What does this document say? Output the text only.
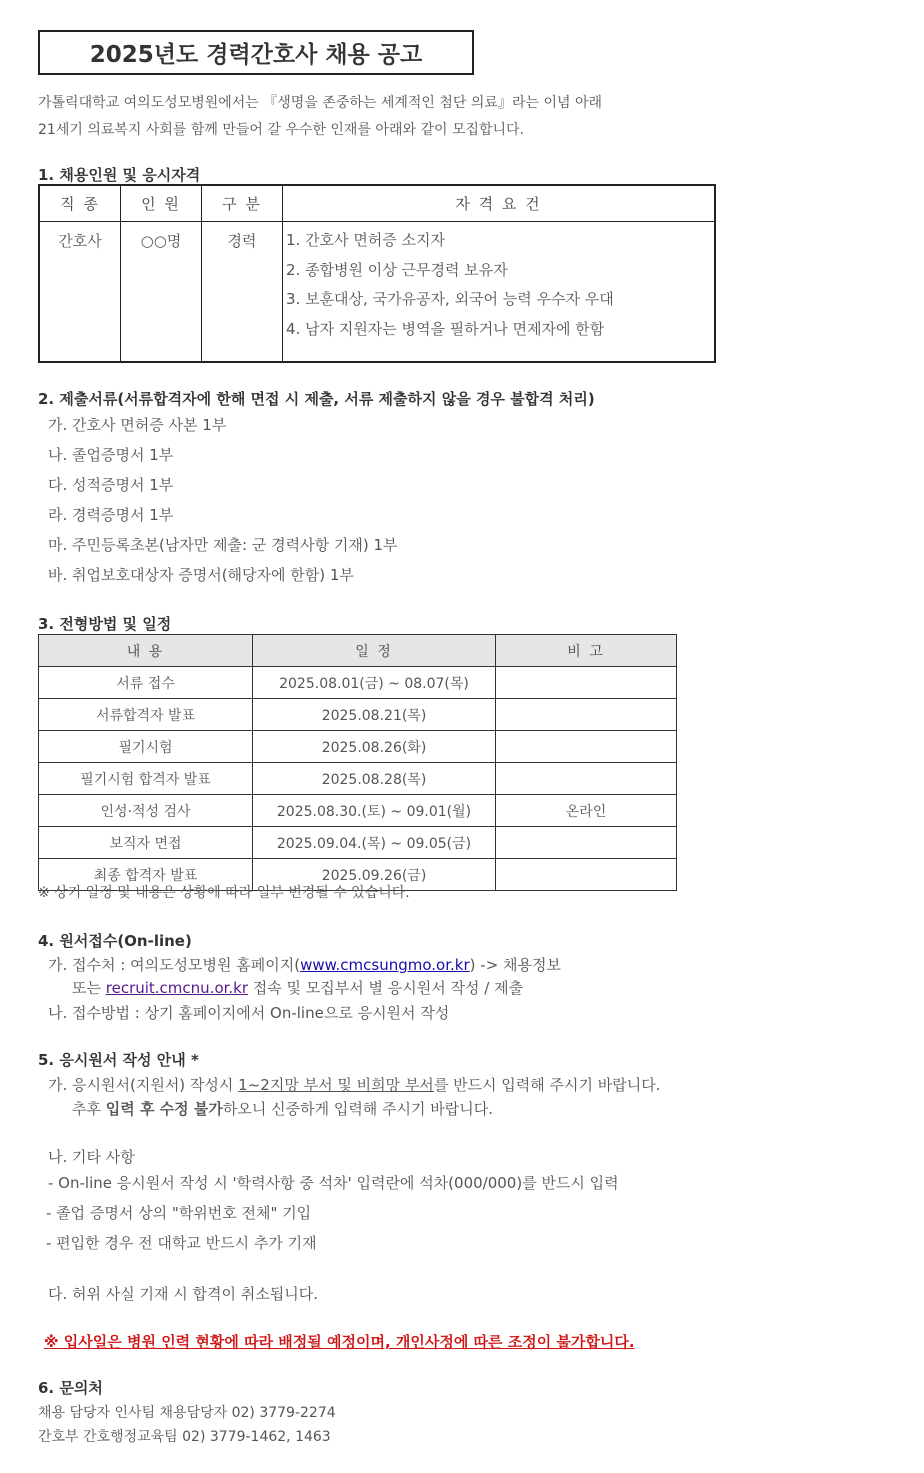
2025년도 경력간호사 채용 공고
가톨릭대학교 여의도성모병원에서는 『생명을 존중하는 세계적인 첨단 의료』라는 이념 아래
21세기 의료복지 사회를 함께 만들어 갈 우수한 인재를 아래와 같이 모집합니다.
1. 채용인원 및 응시자격
직 종	인 원	구 분	자 격 요 건
간호사	○○명	경력	1. 간호사 면허증 소지자
2. 종합병원 이상 근무경력 보유자
3. 보훈대상, 국가유공자, 외국어 능력 우수자 우대
4. 남자 지원자는 병역을 필하거나 면제자에 한함
2. 제출서류(서류합격자에 한해 면접 시 제출, 서류 제출하지 않을 경우 불합격 처리)
가. 간호사 면허증 사본 1부
나. 졸업증명서 1부
다. 성적증명서 1부
라. 경력증명서 1부
마. 주민등록초본(남자만 제출: 군 경력사항 기재) 1부
바. 취업보호대상자 증명서(해당자에 한함) 1부
3. 전형방법 및 일정
내 용	일 정	비 고
서류 접수	2025.08.01(금) ~ 08.07(목)	
서류합격자 발표	2025.08.21(목)	
필기시험	2025.08.26(화)	
필기시험 합격자 발표	2025.08.28(목)	
인성·적성 검사	2025.08.30.(토) ~ 09.01(월)	온라인
보직자 면접	2025.09.04.(목) ~ 09.05(금)	
최종 합격자 발표	2025.09.26(금)	
※ 상기 일정 및 내용은 상황에 따라 일부 변경될 수 있습니다.
4. 원서접수(On-line)
가. 접수처 : 여의도성모병원 홈페이지(www.cmcsungmo.or.kr) -> 채용정보
또는 recruit.cmcnu.or.kr 접속 및 모집부서 별 응시원서 작성 / 제출
나. 접수방법 : 상기 홈페이지에서 On-line으로 응시원서 작성
5. 응시원서 작성 안내 *
가. 응시원서(지원서) 작성시 1~2지망 부서 및 비희망 부서를 반드시 입력해 주시기 바랍니다.
추후 입력 후 수정 불가하오니 신중하게 입력해 주시기 바랍니다.
나. 기타 사항
- On-line 응시원서 작성 시 '학력사항 중 석차' 입력란에 석차(000/000)를 반드시 입력
- 졸업 증명서 상의 "학위번호 전체" 기입
- 편입한 경우 전 대학교 반드시 추가 기재
다. 허위 사실 기재 시 합격이 취소됩니다.
※ 입사일은 병원 인력 현황에 따라 배정될 예정이며, 개인사정에 따른 조정이 불가합니다.
6. 문의처
채용 담당자 인사팀 채용담당자 02) 3779-2274
간호부 간호행정교육팀 02) 3779-1462, 1463
